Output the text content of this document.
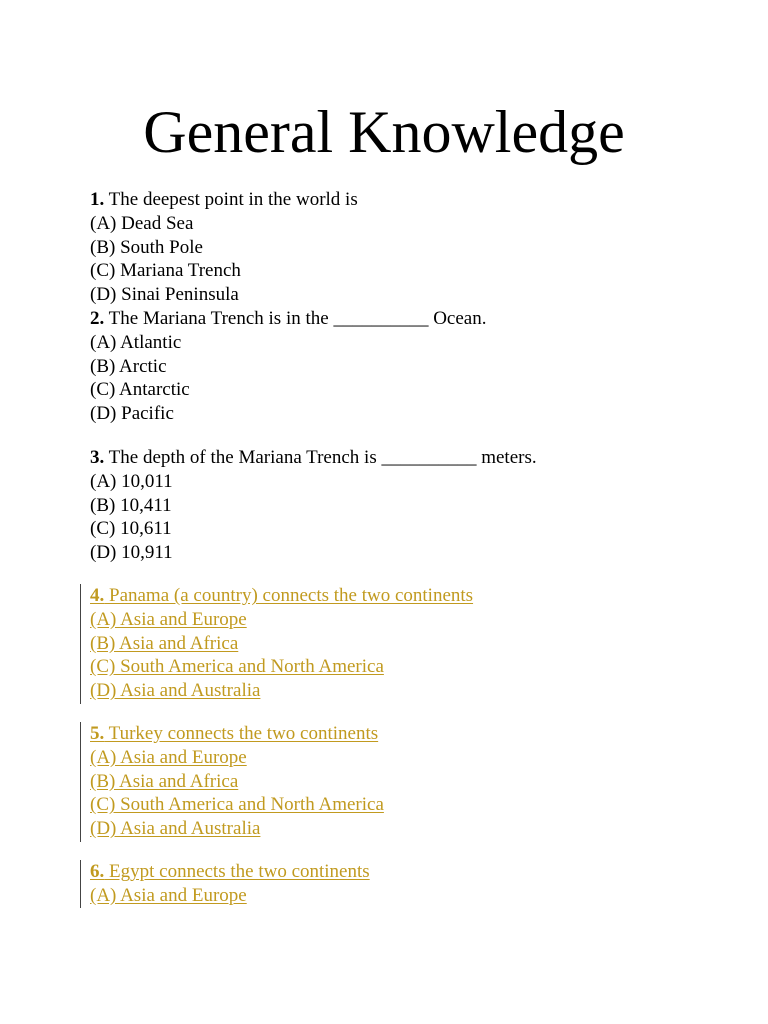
General Knowledge
1. The deepest point in the world is
(A) Dead Sea
(B) South Pole
(C) Mariana Trench
(D) Sinai Peninsula
2. The Mariana Trench is in the __________ Ocean.
(A) Atlantic
(B) Arctic
(C) Antarctic
(D) Pacific
3. The depth of the Mariana Trench is __________ meters.
(A) 10,011
(B) 10,411
(C) 10,611
(D) 10,911
4. Panama (a country) connects the two continents
(A) Asia and Europe
(B) Asia and Africa
(C) South America and North America
(D) Asia and Australia
5. Turkey connects the two continents
(A) Asia and Europe
(B) Asia and Africa
(C) South America and North America
(D) Asia and Australia
6. Egypt connects the two continents
(A) Asia and Europe
